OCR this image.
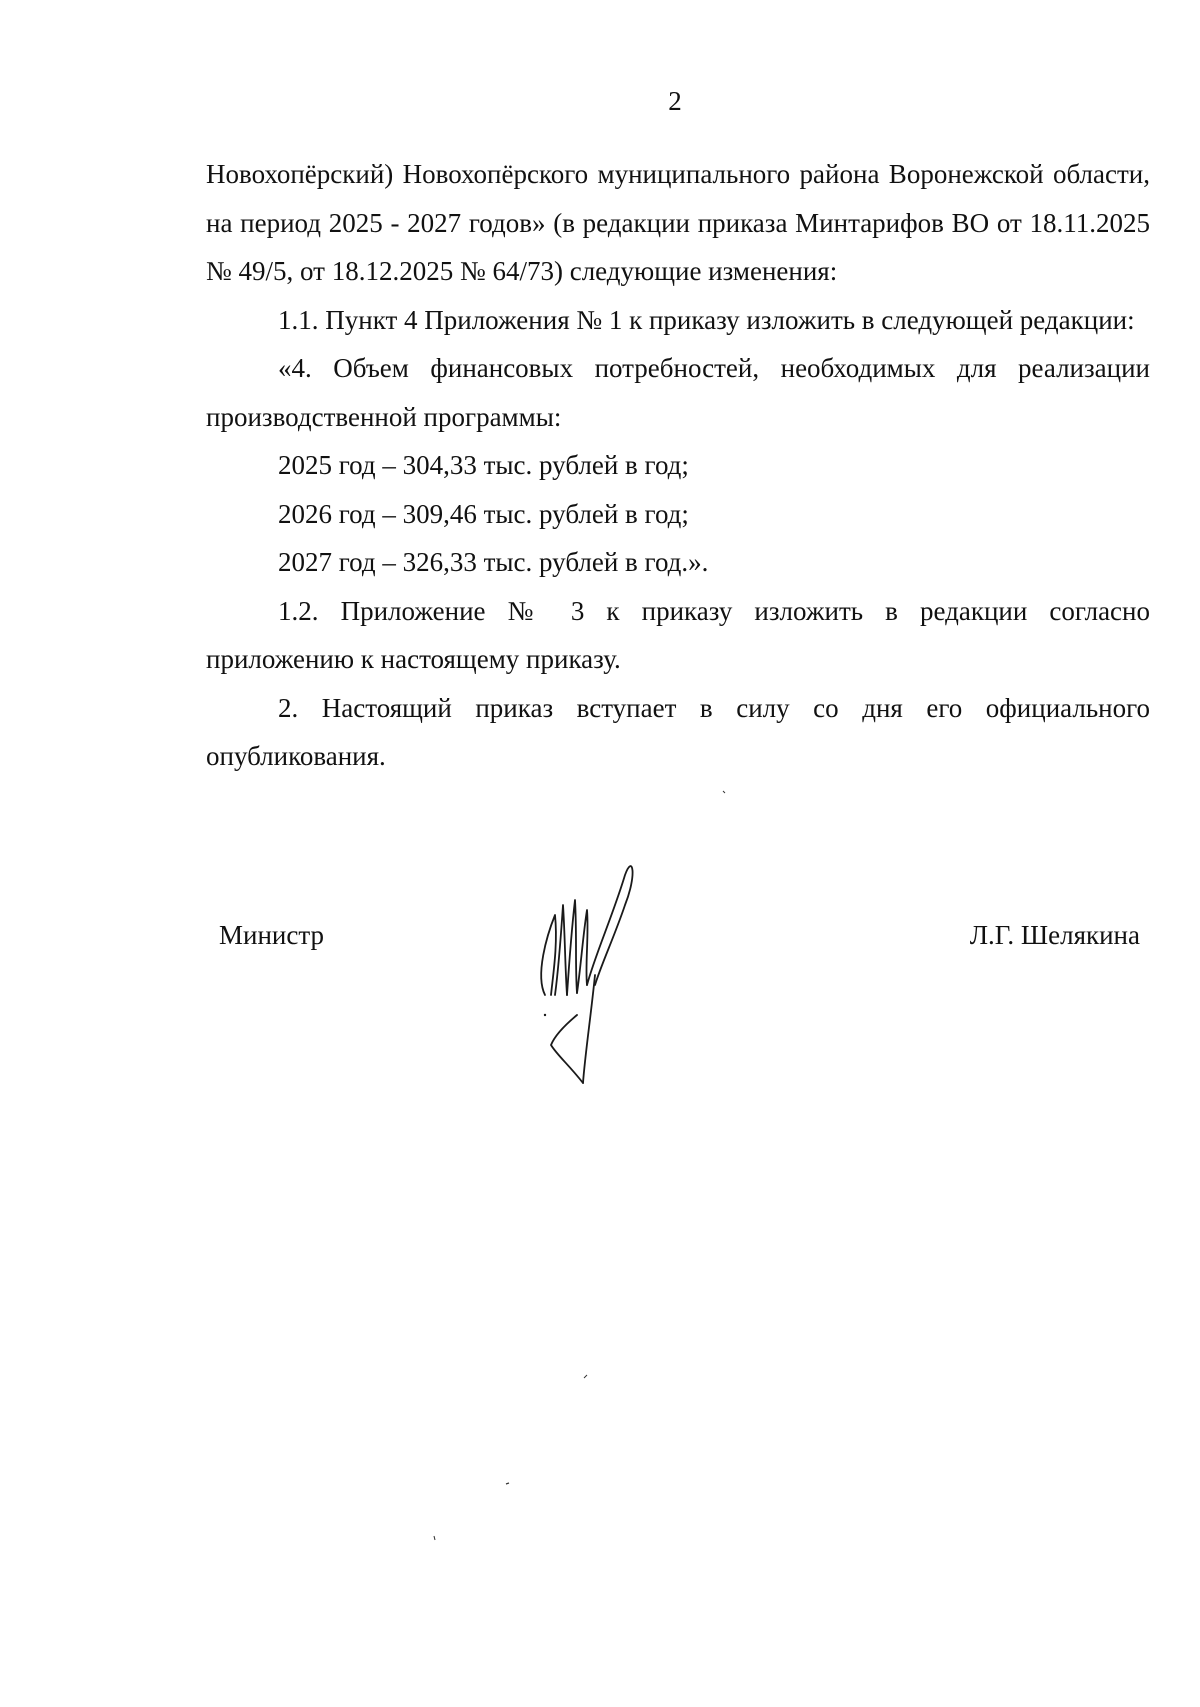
2

Новохопёрский) Новохопёрского муниципального района Воронежской области, на период 2025 - 2027 годов» (в редакции приказа Минтарифов ВО от 18.11.2025 № 49/5, от 18.12.2025 № 64/73) следующие изменения:

1.1. Пункт 4 Приложения № 1 к приказу изложить в следующей редакции:

«4. Объем финансовых потребностей, необходимых для реализации производственной программы:

2025 год – 304,33 тыс. рублей в год;

2026 год – 309,46 тыс. рублей в год;

2027 год – 326,33 тыс. рублей в год.».

1.2. Приложение № 3 к приказу изложить в редакции согласно приложению к настоящему приказу.

2. Настоящий приказ вступает в силу со дня его официального опубликования.

Министр	Л.Г. Шелякина
